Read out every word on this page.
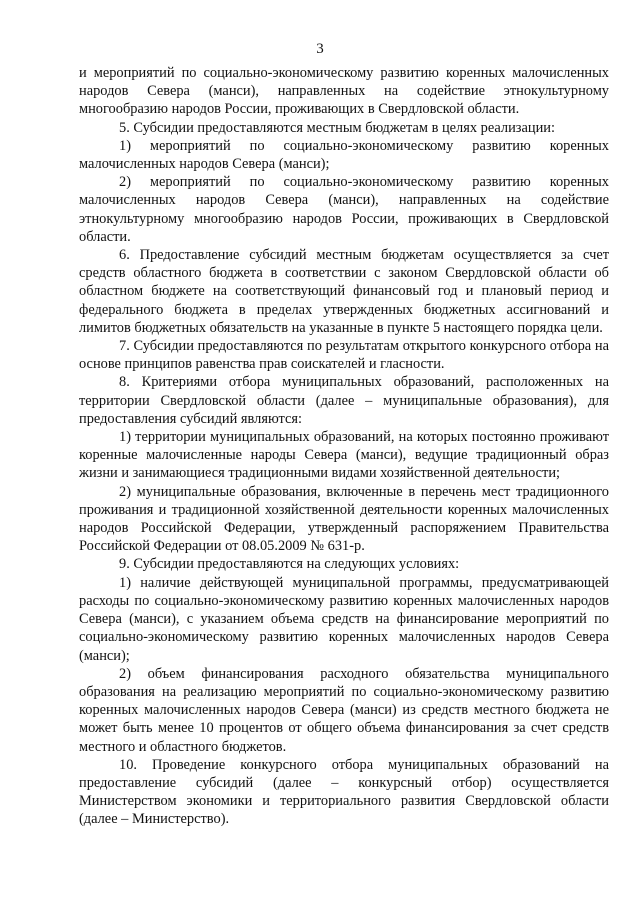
3

и мероприятий по социально-экономическому развитию коренных малочисленных народов Севера (манси), направленных на содействие этнокультурному многообразию народов России, проживающих в Свердловской области.

5. Субсидии предоставляются местным бюджетам в целях реализации:

1) мероприятий по социально-экономическому развитию коренных малочисленных народов Севера (манси);

2) мероприятий по социально-экономическому развитию коренных малочисленных народов Севера (манси), направленных на содействие этнокультурному многообразию народов России, проживающих в Свердловской области.

6. Предоставление субсидий местным бюджетам осуществляется за счет средств областного бюджета в соответствии с законом Свердловской области об областном бюджете на соответствующий финансовый год и плановый период и федерального бюджета в пределах утвержденных бюджетных ассигнований и лимитов бюджетных обязательств на указанные в пункте 5 настоящего порядка цели.

7. Субсидии предоставляются по результатам открытого конкурсного отбора на основе принципов равенства прав соискателей и гласности.

8. Критериями отбора муниципальных образований, расположенных на территории Свердловской области (далее – муниципальные образования), для предоставления субсидий являются:

1) территории муниципальных образований, на которых постоянно проживают коренные малочисленные народы Севера (манси), ведущие традиционный образ жизни и занимающиеся традиционными видами хозяйственной деятельности;

2) муниципальные образования, включенные в перечень мест традиционного проживания и традиционной хозяйственной деятельности коренных малочисленных народов Российской Федерации, утвержденный распоряжением Правительства Российской Федерации от 08.05.2009 № 631-р.

9. Субсидии предоставляются на следующих условиях:

1) наличие действующей муниципальной программы, предусматривающей расходы по социально-экономическому развитию коренных малочисленных народов Севера (манси), с указанием объема средств на финансирование мероприятий по социально-экономическому развитию коренных малочисленных народов Севера (манси);

2) объем финансирования расходного обязательства муниципального образования на реализацию мероприятий по социально-экономическому развитию коренных малочисленных народов Севера (манси) из средств местного бюджета не может быть менее 10 процентов от общего объема финансирования за счет средств местного и областного бюджетов.

10. Проведение конкурсного отбора муниципальных образований на предоставление субсидий (далее – конкурсный отбор) осуществляется Министерством экономики и территориального развития Свердловской области (далее – Министерство).
